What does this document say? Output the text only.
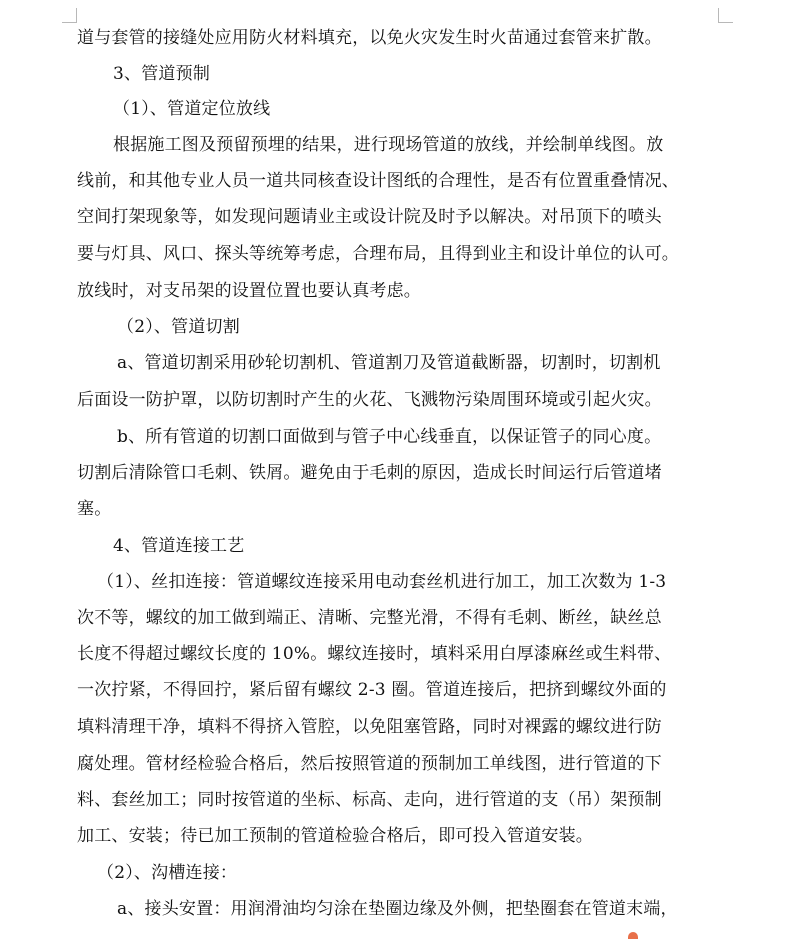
道与套管的接缝处应用防火材料填充，以免火灾发生时火苗通过套管来扩散。
3、管道预制
（1）、管道定位放线
根据施工图及预留预埋的结果，进行现场管道的放线，并绘制单线图。放
线前，和其他专业人员一道共同核查设计图纸的合理性，是否有位置重叠情况、
空间打架现象等，如发现问题请业主或设计院及时予以解决。对吊顶下的喷头
要与灯具、风口、探头等统筹考虑，合理布局，且得到业主和设计单位的认可。
放线时，对支吊架的设置位置也要认真考虑。
（2）、管道切割
a、管道切割采用砂轮切割机、管道割刀及管道截断器，切割时，切割机
后面设一防护罩，以防切割时产生的火花、飞溅物污染周围环境或引起火灾。
b、所有管道的切割口面做到与管子中心线垂直，以保证管子的同心度。
切割后清除管口毛刺、铁屑。避免由于毛刺的原因，造成长时间运行后管道堵
塞。
4、管道连接工艺
（1）、丝扣连接：管道螺纹连接采用电动套丝机进行加工，加工次数为 1-3
次不等，螺纹的加工做到端正、清晰、完整光滑，不得有毛刺、断丝，缺丝总
长度不得超过螺纹长度的 10%。螺纹连接时，填料采用白厚漆麻丝或生料带、
一次拧紧，不得回拧，紧后留有螺纹 2-3 圈。管道连接后，把挤到螺纹外面的
填料清理干净，填料不得挤入管腔，以免阻塞管路，同时对裸露的螺纹进行防
腐处理。管材经检验合格后，然后按照管道的预制加工单线图，进行管道的下
料、套丝加工；同时按管道的坐标、标高、走向，进行管道的支（吊）架预制
加工、安装；待已加工预制的管道检验合格后，即可投入管道安装。
（2）、沟槽连接：
a、接头安置：用润滑油均匀涂在垫圈边缘及外侧，把垫圈套在管道末端，
